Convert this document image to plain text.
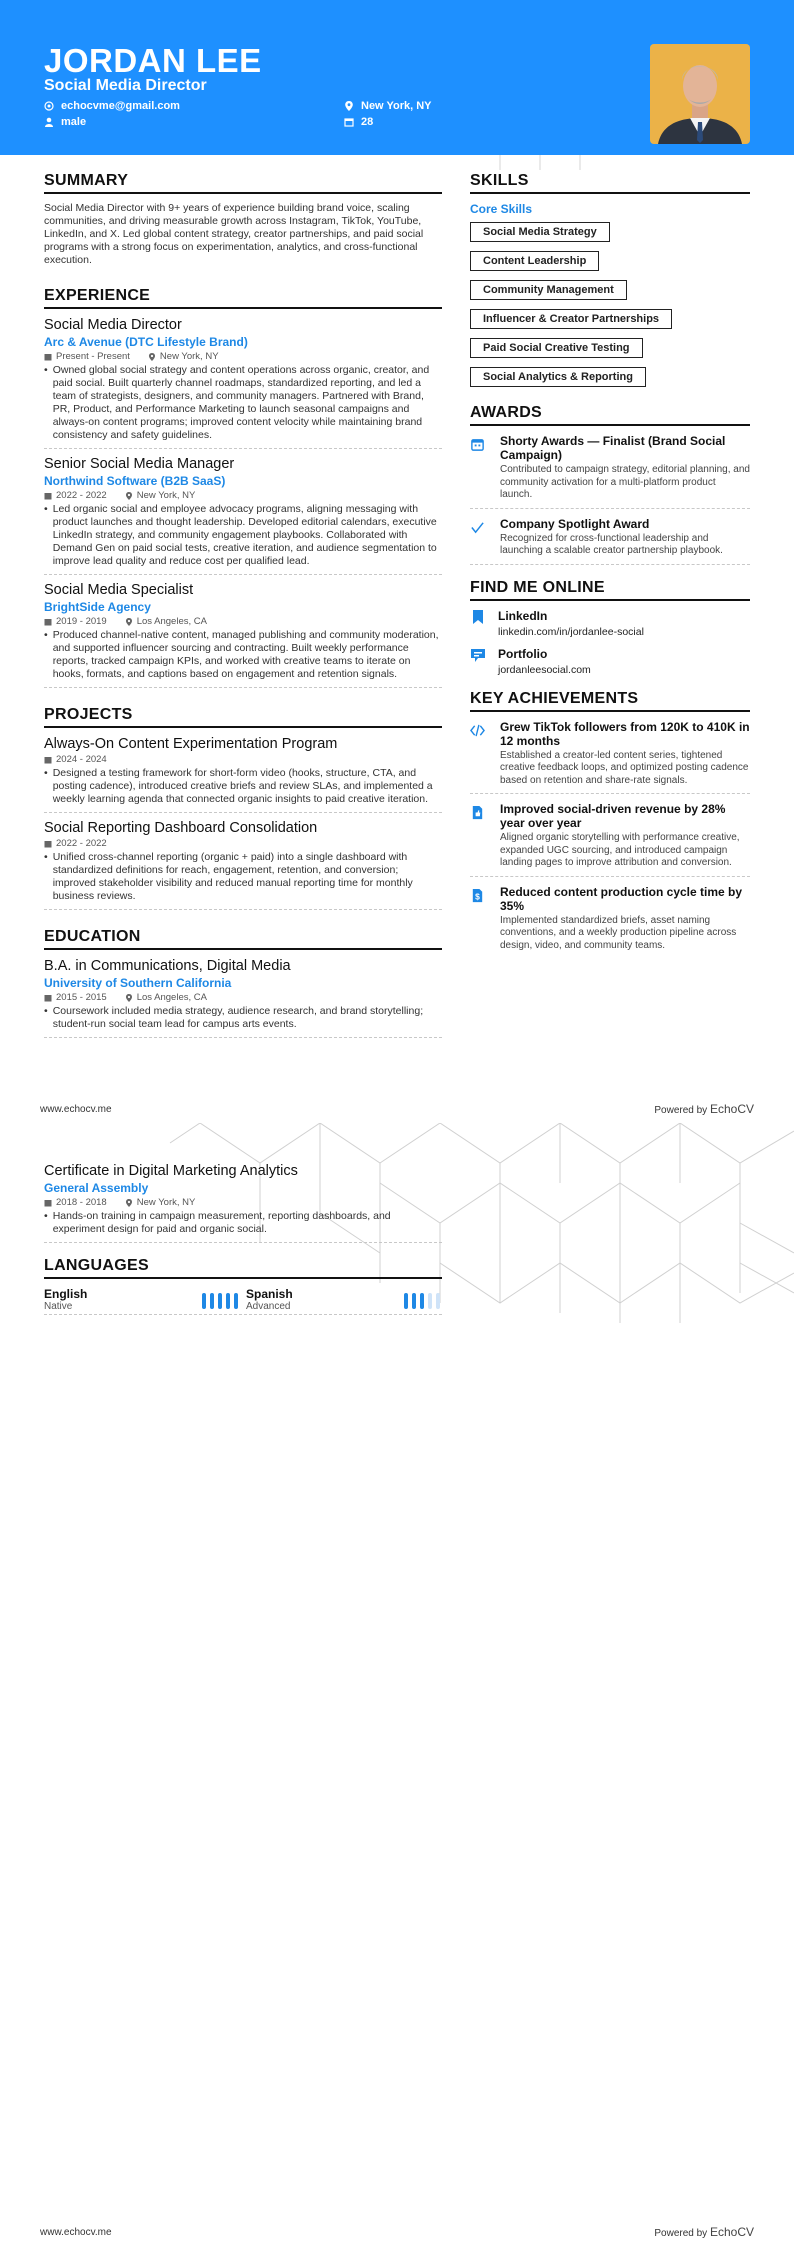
JORDAN LEE
Social Media Director
echocvme@gmail.com
male
New York, NY
28
SUMMARY
Social Media Director with 9+ years of experience building brand voice, scaling communities, and driving measurable growth across Instagram, TikTok, YouTube, LinkedIn, and X. Led global content strategy, creator partnerships, and paid social programs with a strong focus on experimentation, analytics, and cross-functional execution.
EXPERIENCE
Social Media Director
Arc & Avenue (DTC Lifestyle Brand)
Present - Present	New York, NY
• Owned global social strategy and content operations across organic, creator, and paid social. Built quarterly channel roadmaps, standardized reporting, and led a team of strategists, designers, and community managers. Partnered with Brand, PR, Product, and Performance Marketing to launch seasonal campaigns and always-on content programs; improved content velocity while maintaining brand consistency and safety guidelines.
Senior Social Media Manager
Northwind Software (B2B SaaS)
2022 - 2022	New York, NY
• Led organic social and employee advocacy programs, aligning messaging with product launches and thought leadership. Developed editorial calendars, executive LinkedIn strategy, and community engagement playbooks. Collaborated with Demand Gen on paid social tests, creative iteration, and audience segmentation to improve lead quality and reduce cost per qualified lead.
Social Media Specialist
BrightSide Agency
2019 - 2019	Los Angeles, CA
• Produced channel-native content, managed publishing and community moderation, and supported influencer sourcing and contracting. Built weekly performance reports, tracked campaign KPIs, and worked with creative teams to iterate on hooks, formats, and captions based on engagement and retention signals.
PROJECTS
Always-On Content Experimentation Program
2024 - 2024
• Designed a testing framework for short-form video (hooks, structure, CTA, and posting cadence), introduced creative briefs and review SLAs, and implemented a weekly learning agenda that connected organic insights to paid creative iteration.
Social Reporting Dashboard Consolidation
2022 - 2022
• Unified cross-channel reporting (organic + paid) into a single dashboard with standardized definitions for reach, engagement, retention, and conversion; improved stakeholder visibility and reduced manual reporting time for monthly business reviews.
EDUCATION
B.A. in Communications, Digital Media
University of Southern California
2015 - 2015	Los Angeles, CA
• Coursework included media strategy, audience research, and brand storytelling; student-run social team lead for campus arts events.
SKILLS
Core Skills
Social Media Strategy
Content Leadership
Community Management
Influencer & Creator Partnerships
Paid Social Creative Testing
Social Analytics & Reporting
AWARDS
Shorty Awards — Finalist (Brand Social Campaign)
Contributed to campaign strategy, editorial planning, and community activation for a multi-platform product launch.
Company Spotlight Award
Recognized for cross-functional leadership and launching a scalable creator partnership playbook.
FIND ME ONLINE
LinkedIn
linkedin.com/in/jordanlee-social
Portfolio
jordanleesocial.com
KEY ACHIEVEMENTS
Grew TikTok followers from 120K to 410K in 12 months
Established a creator-led content series, tightened creative feedback loops, and optimized posting cadence based on retention and share-rate signals.
Improved social-driven revenue by 28% year over year
Aligned organic storytelling with performance creative, expanded UGC sourcing, and introduced campaign landing pages to improve attribution and conversion.
$ Reduced content production cycle time by 35%
Implemented standardized briefs, asset naming conventions, and a weekly production pipeline across design, video, and community teams.
www.echocv.me	Powered by EchoCV
Certificate in Digital Marketing Analytics
General Assembly
2018 - 2018	New York, NY
• Hands-on training in campaign measurement, reporting dashboards, and experiment design for paid and organic social.
LANGUAGES
English
Native
Spanish
Advanced
www.echocv.me	Powered by EchoCV
